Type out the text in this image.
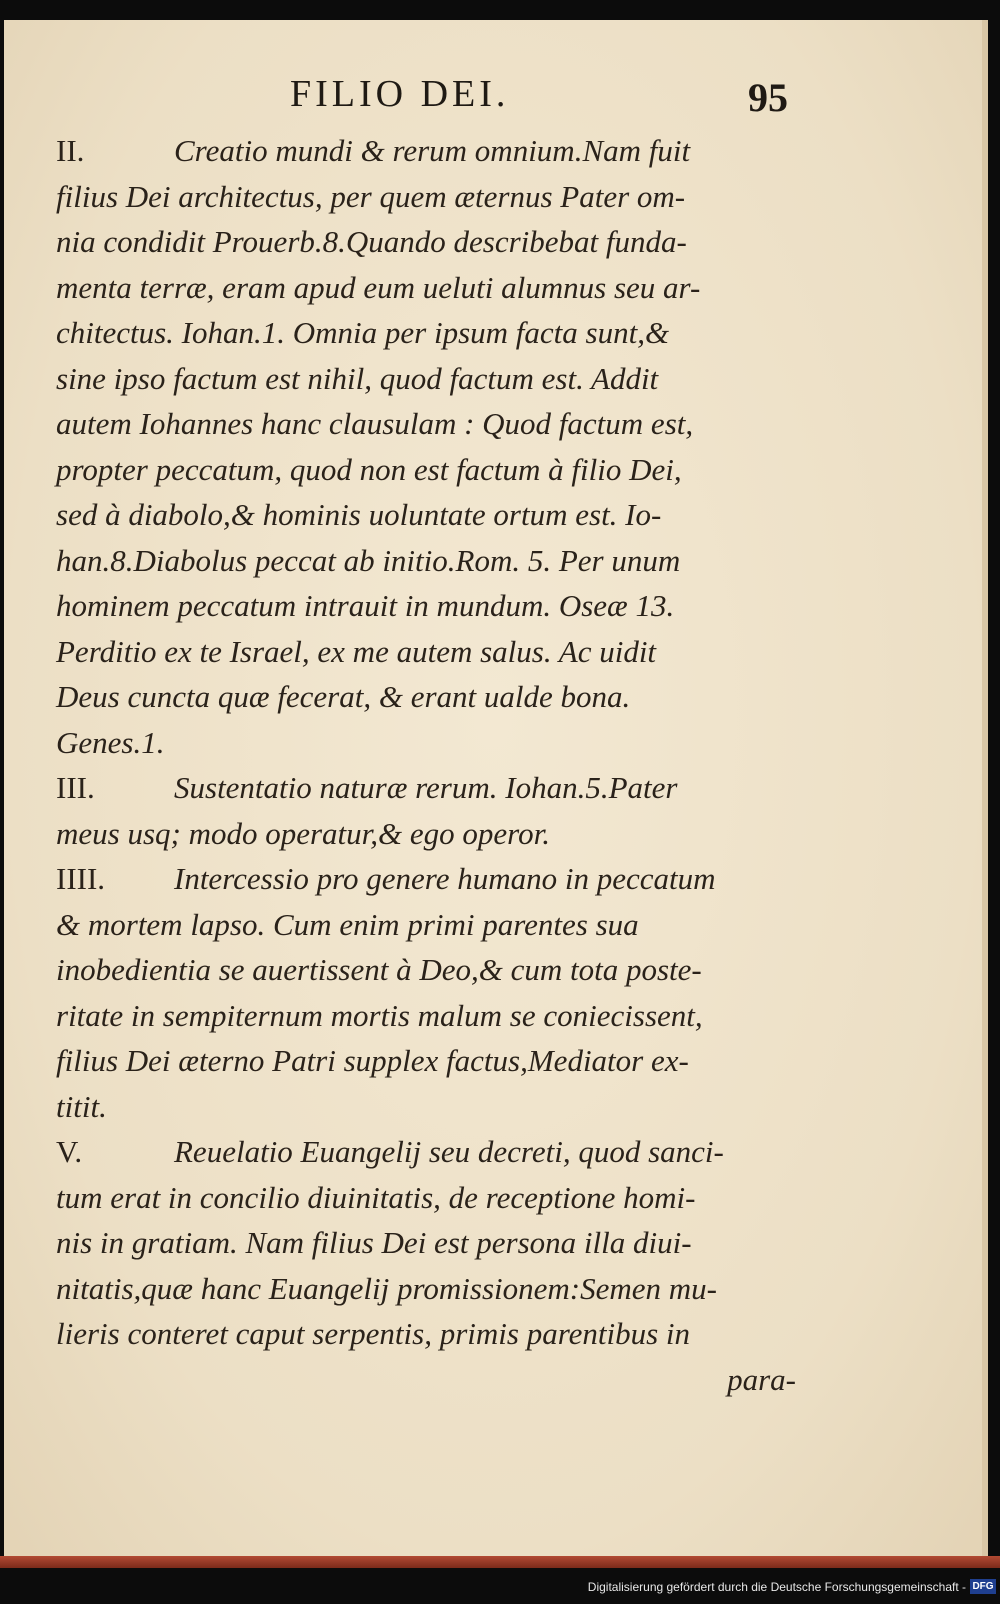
FILIO DEI.	95
II.	Creatio mundi & rerum omnium.Nam fuit
filius Dei architectus, per quem æternus Pater om-
nia condidit Prouerb.8.Quando describebat funda-
menta terræ, eram apud eum ueluti alumnus seu ar-
chitectus. Iohan.1. Omnia per ipsum facta sunt,&
sine ipso factum est nihil, quod factum est. Addit
autem Iohannes hanc clausulam : Quod factum est,
propter peccatum, quod non est factum à filio Dei,
sed à diabolo,& hominis uoluntate ortum est. Io-
han.8.Diabolus peccat ab initio.Rom. 5. Per unum
hominem peccatum intrauit in mundum. Oseæ 13.
Perditio ex te Israel, ex me autem salus. Ac uidit
Deus cuncta quæ fecerat, & erant ualde bona.
Genes.1.
III.	Sustentatio naturæ rerum. Iohan.5.Pater
meus usq; modo operatur,& ego operor.
IIII. Intercessio pro genere humano in peccatum
& mortem lapso. Cum enim primi parentes sua
inobedientia se auertissent à Deo,& cum tota poste-
ritate in sempiternum mortis malum se coniecissent,
filius Dei æterno Patri supplex factus,Mediator ex-
titit.
V.	Reuelatio Euangelij seu decreti, quod sanci-
tum erat in concilio diuinitatis, de receptione homi-
nis in gratiam. Nam filius Dei est persona illa diui-
nitatis,quæ hanc Euangelij promissionem:Semen mu-
lieris conteret caput serpentis, primis parentibus in
para-
Digitalisierung gefördert durch die Deutsche Forschungsgemeinschaft - DFG
